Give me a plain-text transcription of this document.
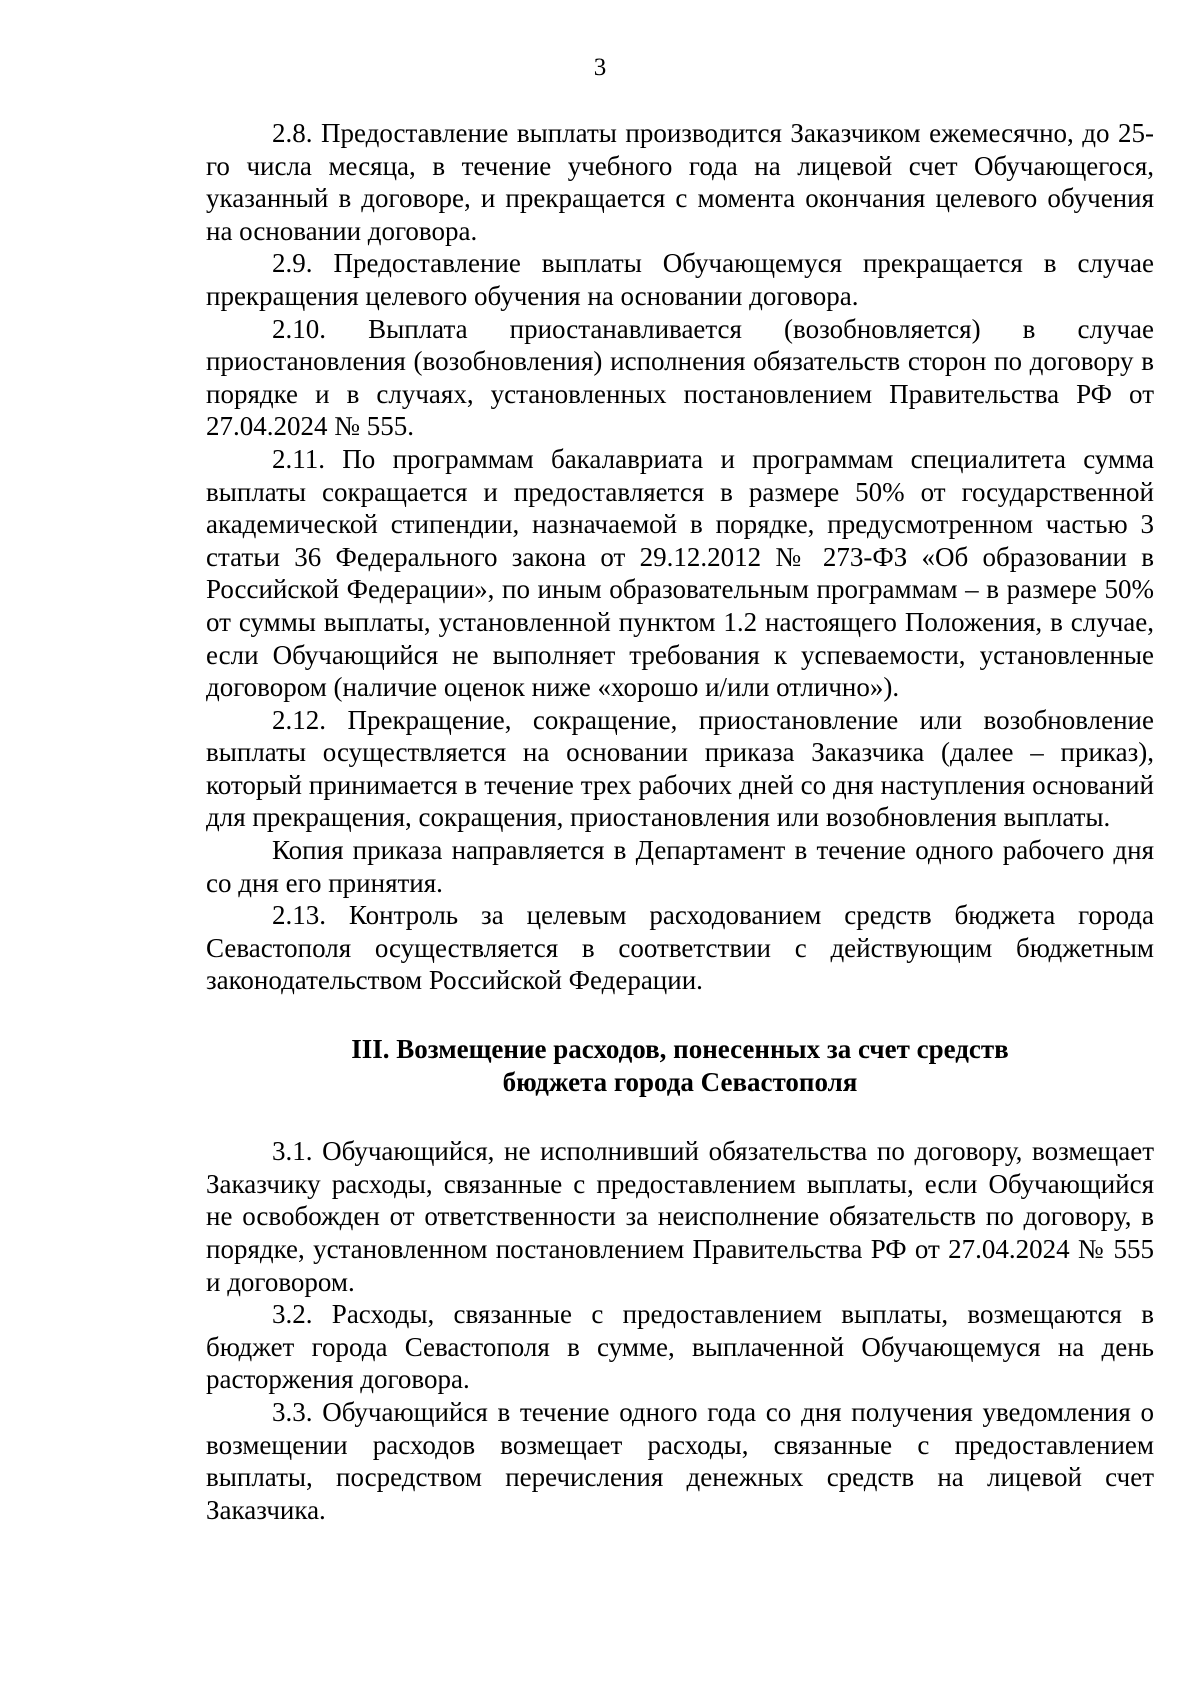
3

2.8. Предоставление выплаты производится Заказчиком ежемесячно, до 25-го числа месяца, в течение учебного года на лицевой счет Обучающегося, указанный в договоре, и прекращается с момента окончания целевого обучения на основании договора.

2.9. Предоставление выплаты Обучающемуся прекращается в случае прекращения целевого обучения на основании договора.

2.10. Выплата приостанавливается (возобновляется) в случае приостановления (возобновления) исполнения обязательств сторон по договору в порядке и в случаях, установленных постановлением Правительства РФ от 27.04.2024 № 555.

2.11. По программам бакалавриата и программам специалитета сумма выплаты сокращается и предоставляется в размере 50% от государственной академической стипендии, назначаемой в порядке, предусмотренном частью 3 статьи 36 Федерального закона от 29.12.2012 № 273-ФЗ «Об образовании в Российской Федерации», по иным образовательным программам – в размере 50% от суммы выплаты, установленной пунктом 1.2 настоящего Положения, в случае, если Обучающийся не выполняет требования к успеваемости, установленные договором (наличие оценок ниже «хорошо и/или отлично»).

2.12. Прекращение, сокращение, приостановление или возобновление выплаты осуществляется на основании приказа Заказчика (далее – приказ), который принимается в течение трех рабочих дней со дня наступления оснований для прекращения, сокращения, приостановления или возобновления выплаты.

Копия приказа направляется в Департамент в течение одного рабочего дня со дня его принятия.

2.13. Контроль за целевым расходованием средств бюджета города Севастополя осуществляется в соответствии с действующим бюджетным законодательством Российской Федерации.

III. Возмещение расходов, понесенных за счет средств
бюджета города Севастополя

3.1. Обучающийся, не исполнивший обязательства по договору, возмещает Заказчику расходы, связанные с предоставлением выплаты, если Обучающийся не освобожден от ответственности за неисполнение обязательств по договору, в порядке, установленном постановлением Правительства РФ от 27.04.2024 № 555 и договором.

3.2. Расходы, связанные с предоставлением выплаты, возмещаются в бюджет города Севастополя в сумме, выплаченной Обучающемуся на день расторжения договора.

3.3. Обучающийся в течение одного года со дня получения уведомления о возмещении расходов возмещает расходы, связанные с предоставлением выплаты, посредством перечисления денежных средств на лицевой счет Заказчика.
